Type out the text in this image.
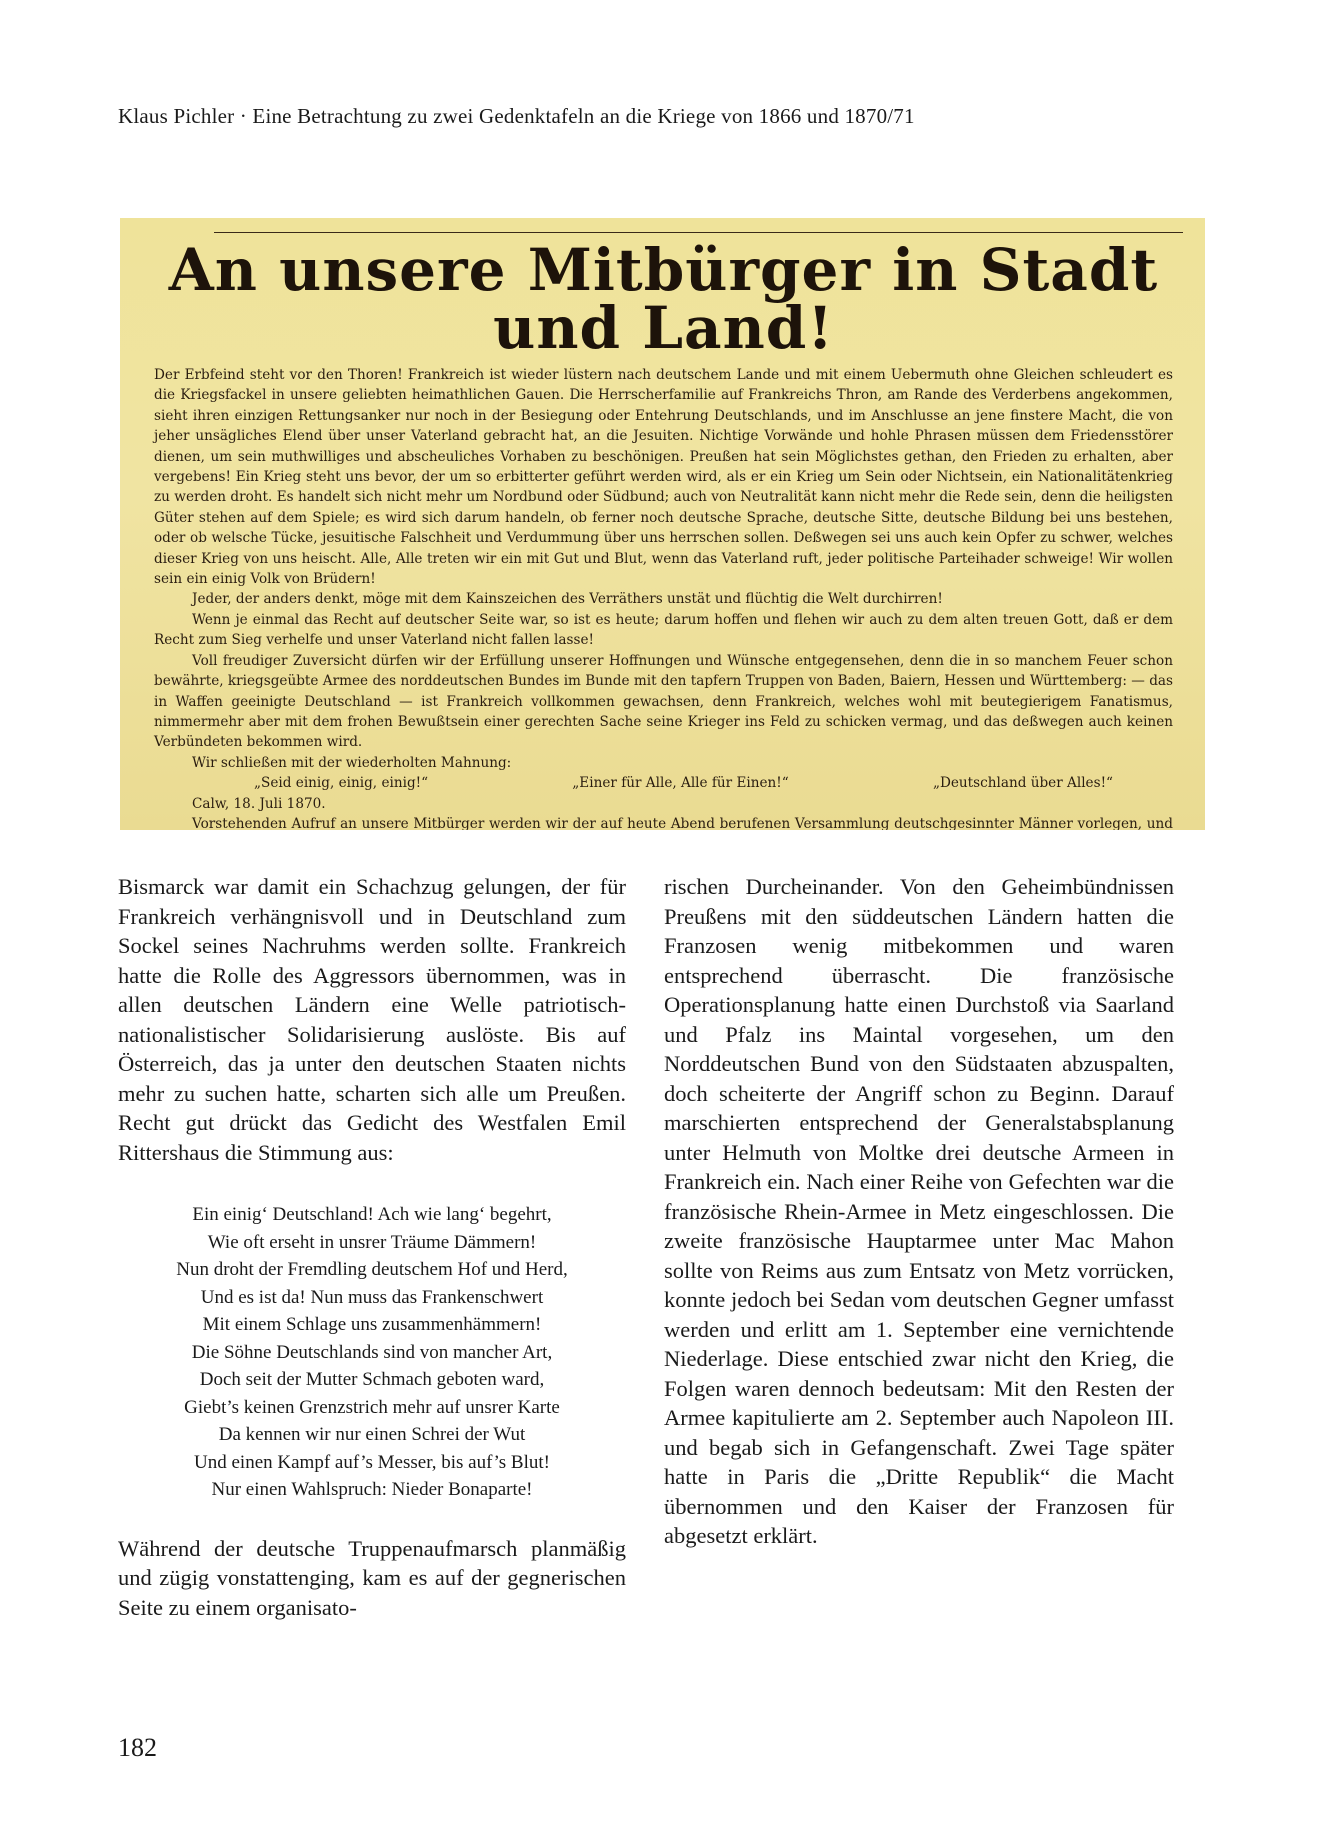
Klaus Pichler · Eine Betrachtung zu zwei Gedenktafeln an die Kriege von 1866 und 1870/71
An unsere Mitbürger in Stadt und Land!

Der Erbfeind steht vor den Thoren! Frankreich ist wieder lüstern nach deutschem Lande und mit einem Uebermuth ohne Gleichen schleudert es die Kriegsfackel in unsere geliebten heimathlichen Gauen. Die Herrscherfamilie auf Frankreichs Thron, am Rande des Verderbens angekommen, sieht ihren einzigen Rettungsanker nur noch in der Besiegung oder Entehrung Deutschlands, und im Anschlusse an jene finstere Macht, die von jeher unsägliches Elend über unser Vaterland gebracht hat, an die Jesuiten. Nichtige Vorwände und hohle Phrasen müssen dem Friedensstörer dienen, um sein muthwilliges und abscheuliches Vorhaben zu beschönigen. Preußen hat sein Möglichstes gethan, den Frieden zu erhalten, aber vergebens! Ein Krieg steht uns bevor, der um so erbitterter geführt werden wird, als er ein Krieg um Sein oder Nichtsein, ein Nationalitätenkrieg zu werden droht. Es handelt sich nicht mehr um Nordbund oder Südbund; auch von Neutralität kann nicht mehr die Rede sein, denn die heiligsten Güter stehen auf dem Spiele; es wird sich darum handeln, ob ferner noch deutsche Sprache, deutsche Sitte, deutsche Bildung bei uns bestehen, oder ob welsche Tücke, jesuitische Falschheit und Verdummung über uns herrschen sollen. Deßwegen sei uns auch kein Opfer zu schwer, welches dieser Krieg von uns heischt. Alle, Alle treten wir ein mit Gut und Blut, wenn das Vaterland ruft, jeder politische Parteihader schweige! Wir wollen sein ein einig Volk von Brüdern!

Jeder, der anders denkt, möge mit dem Kainszeichen des Verräthers unstät und flüchtig die Welt durchirren!

Wenn je einmal das Recht auf deutscher Seite war, so ist es heute; darum hoffen und flehen wir auch zu dem alten treuen Gott, daß er dem Recht zum Sieg verhelfe und unser Vaterland nicht fallen lasse!

Voll freudiger Zuversicht dürfen wir der Erfüllung unserer Hoffnungen und Wünsche entgegensehen, denn die in so manchem Feuer schon bewährte, kriegsgeübte Armee des norddeutschen Bundes im Bunde mit den tapfern Truppen von Baden, Baiern, Hessen und Württemberg: — das in Waffen geeinigte Deutschland — ist Frankreich vollkommen gewachsen, denn Frankreich, welches wohl mit beutegierigem Fanatismus, nimmermehr aber mit dem frohen Bewußtsein einer gerechten Sache seine Krieger ins Feld zu schicken vermag, und das deßwegen auch keinen Verbündeten bekommen wird.

Wir schließen mit der wiederholten Mahnung:

„Seid einig, einig, einig!“	„Einer für Alle, Alle für Einen!“	„Deutschland über Alles!“
Calw, 18. Juli 1870.

Vorstehenden Aufruf an unsere Mitbürger werden wir der auf heute Abend berufenen Versammlung deutschgesinnter Männer vorlegen, und

Bismarck war damit ein Schachzug gelungen, der für Frankreich verhängnisvoll und in Deutschland zum Sockel seines Nachruhms werden sollte. Frankreich hatte die Rolle des Aggressors übernommen, was in allen deutschen Ländern eine Welle patriotisch-nationalistischer Solidarisierung auslöste. Bis auf Österreich, das ja unter den deutschen Staaten nichts mehr zu suchen hatte, scharten sich alle um Preußen. Recht gut drückt das Gedicht des Westfalen Emil Rittershaus die Stimmung aus:

Ein einig‘ Deutschland! Ach wie lang‘ begehrt,
Wie oft erseht in unsrer Träume Dämmern!
Nun droht der Fremdling deutschem Hof und Herd,
Und es ist da! Nun muss das Frankenschwert
Mit einem Schlage uns zusammenhämmern!
Die Söhne Deutschlands sind von mancher Art,
Doch seit der Mutter Schmach geboten ward,
Giebt’s keinen Grenzstrich mehr auf unsrer Karte
Da kennen wir nur einen Schrei der Wut
Und einen Kampf auf’s Messer, bis auf’s Blut!
Nur einen Wahlspruch: Nieder Bonaparte!

Während der deutsche Truppenaufmarsch planmäßig und zügig vonstattenging, kam es auf der gegnerischen Seite zu einem organisato-

rischen Durcheinander. Von den Geheimbündnissen Preußens mit den süddeutschen Ländern hatten die Franzosen wenig mitbekommen und waren entsprechend überrascht. Die französische Operationsplanung hatte einen Durchstoß via Saarland und Pfalz ins Maintal vorgesehen, um den Norddeutschen Bund von den Südstaaten abzuspalten, doch scheiterte der Angriff schon zu Beginn. Darauf marschierten entsprechend der Generalstabsplanung unter Helmuth von Moltke drei deutsche Armeen in Frankreich ein. Nach einer Reihe von Gefechten war die französische Rhein-Armee in Metz eingeschlossen. Die zweite französische Hauptarmee unter Mac Mahon sollte von Reims aus zum Entsatz von Metz vorrücken, konnte jedoch bei Sedan vom deutschen Gegner umfasst werden und erlitt am 1. September eine vernichtende Niederlage. Diese entschied zwar nicht den Krieg, die Folgen waren dennoch bedeutsam: Mit den Resten der Armee kapitulierte am 2. September auch Napoleon III. und begab sich in Gefangenschaft. Zwei Tage später hatte in Paris die „Dritte Republik“ die Macht übernommen und den Kaiser der Franzosen für abgesetzt erklärt.

182
